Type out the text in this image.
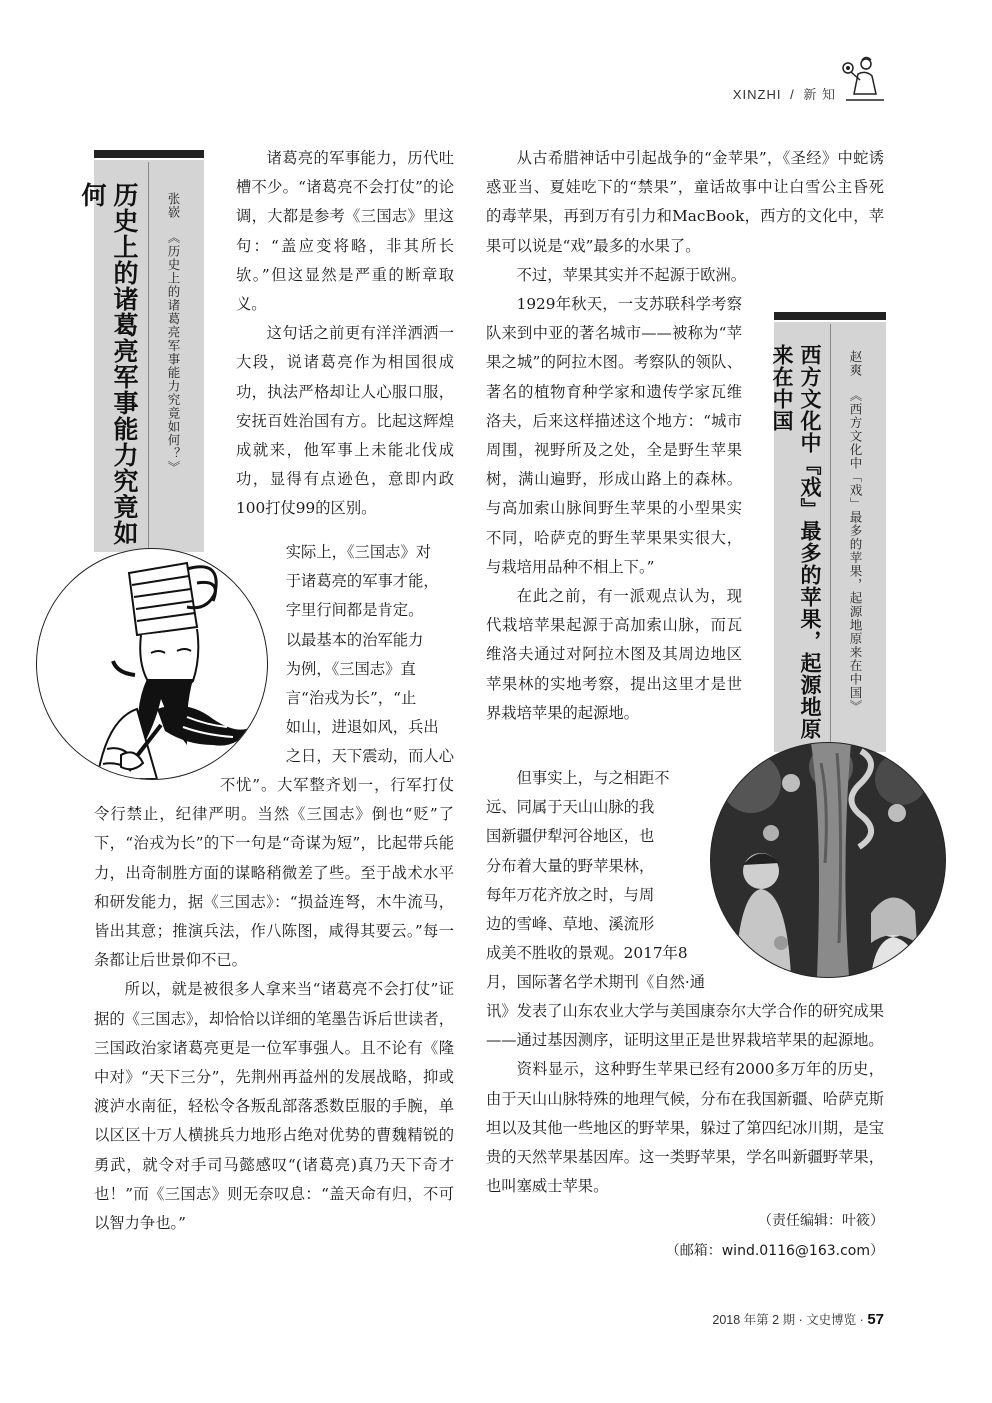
XINZHI / 新 知
历史上的诸葛亮军事能力究竟如何	张嵚《历史上的诸葛亮军事能力究竟如何？》

诸葛亮的军事能力，历代吐槽不少。“诸葛亮不会打仗”的论调，大都是参考《三国志》里这句：“盖应变将略，非其所长欤。”但这显然是严重的断章取义。

这句话之前更有洋洋洒洒一大段，说诸葛亮作为相国很成功，执法严格却让人心服口服，安抚百姓治国有方。比起这辉煌成就来，他军事上未能北伐成功，显得有点逊色，意即内政100打仗99的区别。

实际上，《三国志》对
于诸葛亮的军事才能，
字里行间都是肯定。
以最基本的治军能力
为例，《三国志》直
言“治戎为长”，“止
如山，进退如风，兵出
之日，天下震动，而人心

不忧”。大军整齐划一，行军打仗令行禁止，纪律严明。当然《三国志》倒也“贬”了下，“治戎为长”的下一句是“奇谋为短”，比起带兵能力，出奇制胜方面的谋略稍微差了些。至于战术水平和研发能力，据《三国志》：“损益连弩，木牛流马，皆出其意；推演兵法，作八陈图，咸得其要云。”每一条都让后世景仰不已。

所以，就是被很多人拿来当“诸葛亮不会打仗”证据的《三国志》，却恰恰以详细的笔墨告诉后世读者，三国政治家诸葛亮更是一位军事强人。且不论有《隆中对》“天下三分”，先荆州再益州的发展战略，抑或渡泸水南征，轻松令各叛乱部落悉数臣服的手腕，单以区区十万人横挑兵力地形占绝对优势的曹魏精锐的勇武，就令对手司马懿感叹“(诸葛亮)真乃天下奇才也！”而《三国志》则无奈叹息：“盖天命有归，不可以智力争也。”

西方文化中『戏』最多的苹果，起源地原来在中国	赵爽《西方文化中「戏」最多的苹果，起源地原来在中国》

从古希腊神话中引起战争的“金苹果”，《圣经》中蛇诱惑亚当、夏娃吃下的“禁果”，童话故事中让白雪公主昏死的毒苹果，再到万有引力和MacBook，西方的文化中，苹果可以说是“戏”最多的水果了。

不过，苹果其实并不起源于欧洲。

1929年秋天，一支苏联科学考察队来到中亚的著名城市——被称为“苹果之城”的阿拉木图。考察队的领队、著名的植物育种学家和遗传学家瓦维洛夫，后来这样描述这个地方：“城市周围，视野所及之处，全是野生苹果树，满山遍野，形成山路上的森林。与高加索山脉间野生苹果的小型果实不同，哈萨克的野生苹果果实很大，与栽培用品种不相上下。”

在此之前，有一派观点认为，现代栽培苹果起源于高加索山脉，而瓦维洛夫通过对阿拉木图及其周边地区苹果林的实地考察，提出这里才是世界栽培苹果的起源地。

但事实上，与之相距不
远、同属于天山山脉的我
国新疆伊犁河谷地区，也
分布着大量的野苹果林，
每年万花齐放之时，与周
边的雪峰、草地、溪流形
成美不胜收的景观。2017年8
月，国际著名学术期刊《自然·通

讯》发表了山东农业大学与美国康奈尔大学合作的研究成果——通过基因测序，证明这里正是世界栽培苹果的起源地。

资料显示，这种野生苹果已经有2000多万年的历史，由于天山山脉特殊的地理气候，分布在我国新疆、哈萨克斯坦以及其他一些地区的野苹果，躲过了第四纪冰川期，是宝贵的天然苹果基因库。这一类野苹果，学名叫新疆野苹果，也叫塞威士苹果。

（责任编辑：叶筱）
（邮箱：wind.0116@163.com）
2018 年第 2 期 · 文史博览 · 57
